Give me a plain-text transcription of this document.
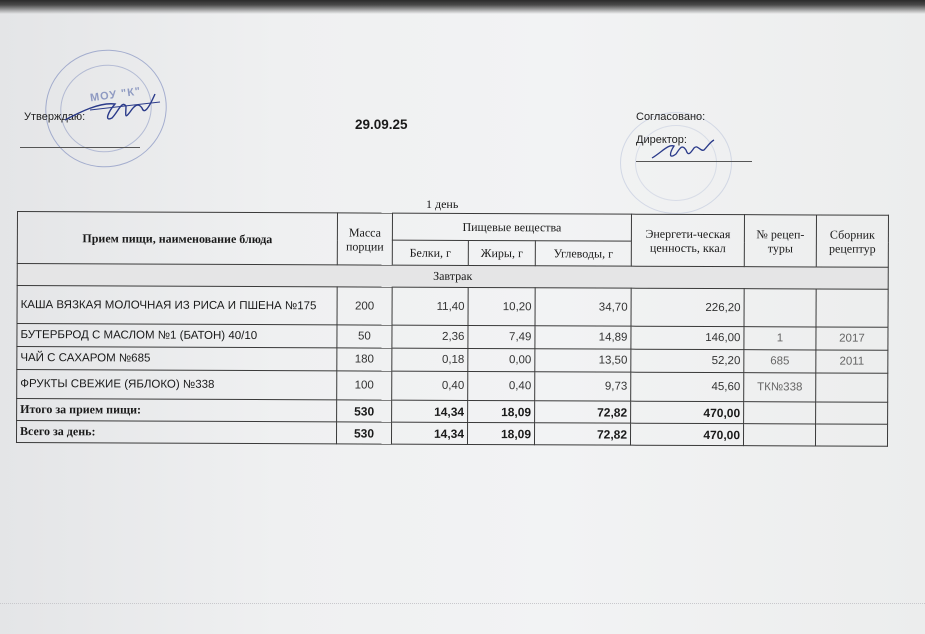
МОУ "К"
Утверждаю:	29.09.25	Согласовано:
Директор:
1 день
Прием пищи, наименование блюда	Масса порции	Пищевые вещества			Энергети-ческая ценность, ккал	№ рецеп-туры	Сборник рецептур
		Белки, г	Жиры, г	Углеводы, г			
Завтрак							
КАША ВЯЗКАЯ МОЛОЧНАЯ ИЗ РИСА И ПШЕНА №175	200	11,40	10,20	34,70	226,20		
БУТЕРБРОД С МАСЛОМ №1 (БАТОН) 40/10	50	2,36	7,49	14,89	146,00	1	2017
ЧАЙ С САХАРОМ №685	180	0,18	0,00	13,50	52,20	685	2011
ФРУКТЫ СВЕЖИЕ (ЯБЛОКО) №338	100	0,40	0,40	9,73	45,60	ТК№338	
Итого за прием пищи:	530	14,34	18,09	72,82	470,00		
Всего за день:	530	14,34	18,09	72,82	470,00		
